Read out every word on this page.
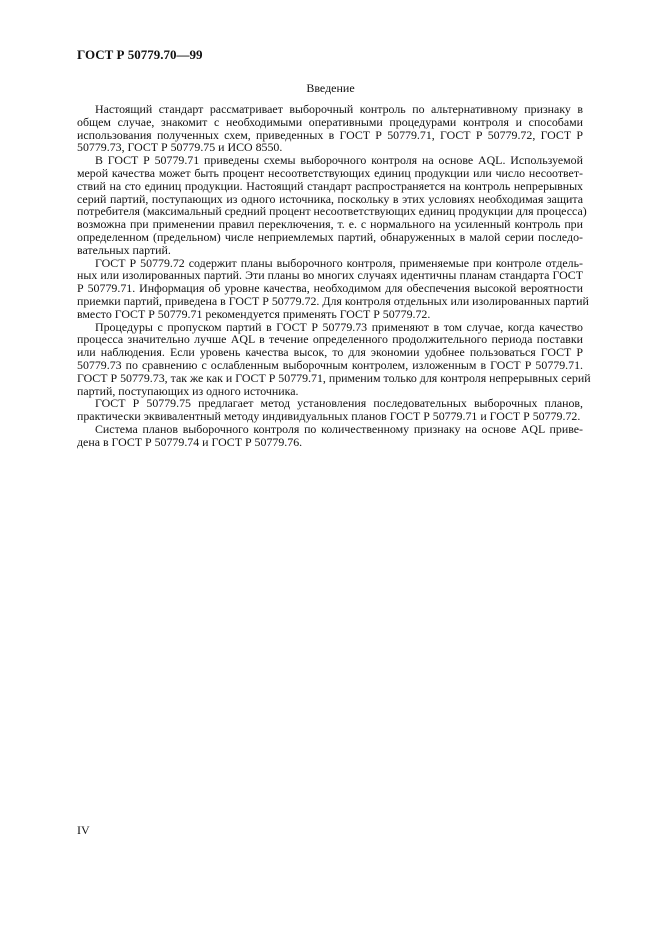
ГОСТ Р 50779.70—99
Введение
Настоящий стандарт рассматривает выборочный контроль по альтернативному признаку в
общем случае, знакомит с необходимыми оперативными процедурами контроля и способами
использования полученных схем, приведенных в ГОСТ Р 50779.71, ГОСТ Р 50779.72, ГОСТ Р
50779.73, ГОСТ Р 50779.75 и ИСО 8550.
В ГОСТ Р 50779.71 приведены схемы выборочного контроля на основе AQL. Используемой
мерой качества может быть процент несоответствующих единиц продукции или число несоответ-
ствий на сто единиц продукции. Настоящий стандарт распространяется на контроль непрерывных
серий партий, поступающих из одного источника, поскольку в этих условиях необходимая защита
потребителя (максимальный средний процент несоответствующих единиц продукции для процесса)
возможна при применении правил переключения, т. е. с нормального на усиленный контроль при
определенном (предельном) числе неприемлемых партий, обнаруженных в малой серии последо-
вательных партий.
ГОСТ Р 50779.72 содержит планы выборочного контроля, применяемые при контроле отдель-
ных или изолированных партий. Эти планы во многих случаях идентичны планам стандарта ГОСТ
Р 50779.71. Информация об уровне качества, необходимом для обеспечения высокой вероятности
приемки партий, приведена в ГОСТ Р 50779.72. Для контроля отдельных или изолированных партий
вместо ГОСТ Р 50779.71 рекомендуется применять ГОСТ Р 50779.72.
Процедуры с пропуском партий в ГОСТ Р 50779.73 применяют в том случае, когда качество
процесса значительно лучше AQL в течение определенного продолжительного периода поставки
или наблюдения. Если уровень качества высок, то для экономии удобнее пользоваться ГОСТ Р
50779.73 по сравнению с ослабленным выборочным контролем, изложенным в ГОСТ Р 50779.71.
ГОСТ Р 50779.73, так же как и ГОСТ Р 50779.71, применим только для контроля непрерывных серий
партий, поступающих из одного источника.
ГОСТ Р 50779.75 предлагает метод установления последовательных выборочных планов,
практически эквивалентный методу индивидуальных планов ГОСТ Р 50779.71 и ГОСТ Р 50779.72.
Система планов выборочного контроля по количественному признаку на основе AQL приве-
дена в ГОСТ Р 50779.74 и ГОСТ Р 50779.76.
IV
